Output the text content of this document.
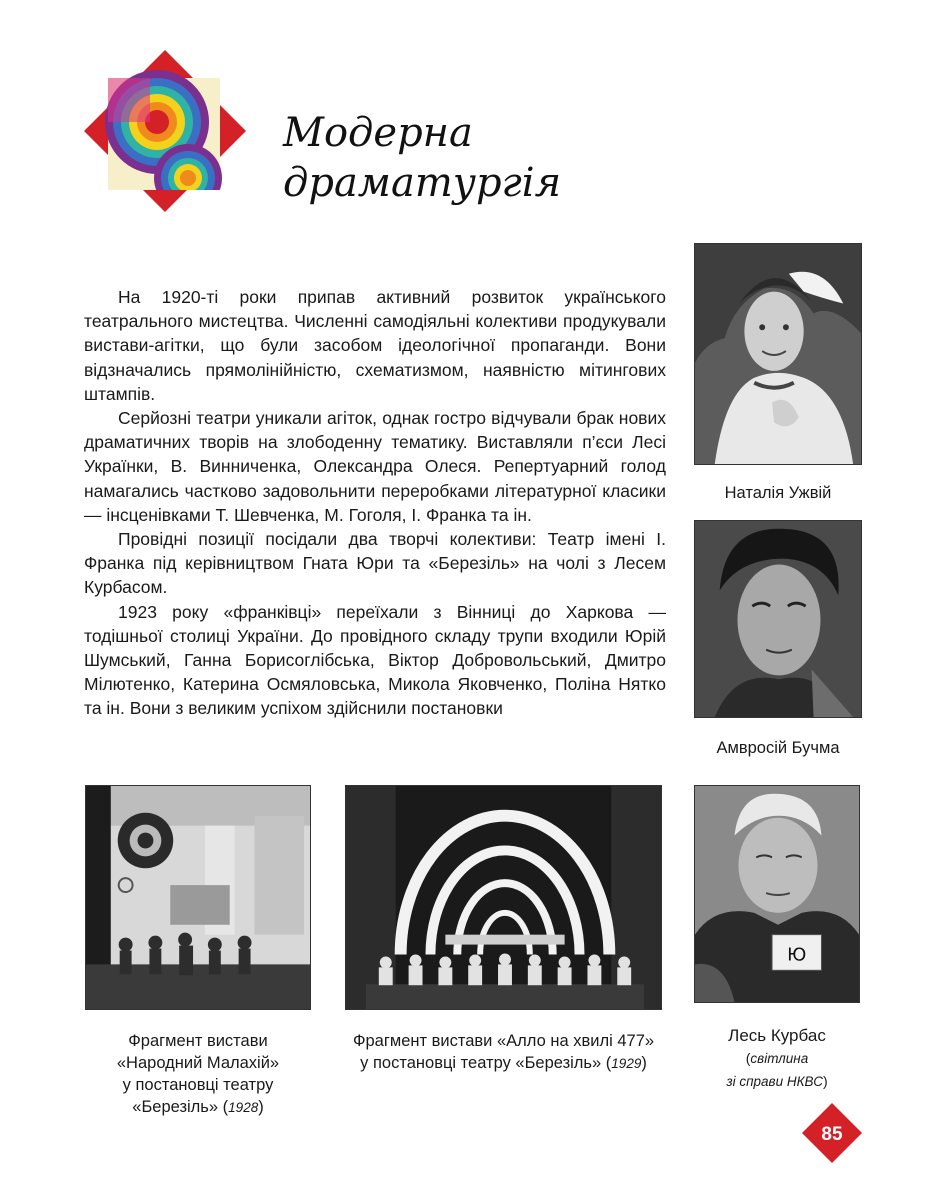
Модерна
драматургія

На 1920-ті роки припав активний розвиток українського театрального мистецтва. Численні самодіяльні колективи продукували вистави-агітки, що були засобом ідеологічної пропаганди. Вони відзначались прямолінійністю, схематизмом, наявністю мітингових штампів.

Серйозні театри уникали агіток, однак гостро відчували брак нових драматичних творів на злободенну тематику. Виставляли п’єси Лесі Українки, В. Винниченка, Олександра Олеся. Репертуарний голод намагались частково задовольнити переробками літературної класики — інсценівками Т. Шевченка, М. Гоголя, І. Франка та ін.

Провідні позиції посідали два творчі колективи: Театр імені І. Франка під керівництвом Гната Юри та «Березіль» на чолі з Лесем Курбасом.

1923 року «франківці» переїхали з Вінниці до Харкова — тодішньої столиці України. До провідного складу трупи входили Юрій Шумський, Ганна Борисоглібська, Віктор Добровольський, Дмитро Мілютенко, Катерина Осмяловська, Микола Яковченко, Поліна Нятко та ін. Вони з великим успіхом здійснили постановки

Наталія Ужвій
Амвросій Бучма
Фрагмент вистави
«Народний Малахій»
у постановці театру
«Березіль» (1928)
Фрагмент вистави «Алло на хвилі 477»
у постановці театру «Березіль» (1929)
Ю
Лесь Курбас
(світлина
зі справи НКВС)
85
